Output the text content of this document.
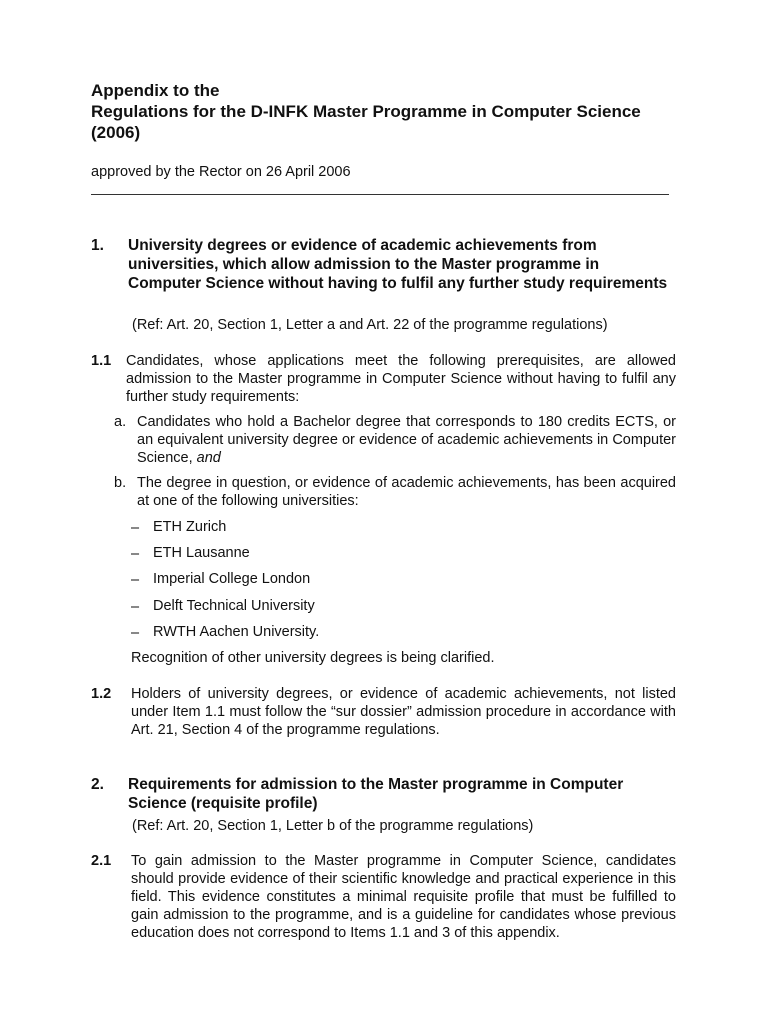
Appendix to the
Regulations for the D-INFK Master Programme in Computer Science
(2006)
approved by the Rector on 26 April 2006
1. University degrees or evidence of academic achievements from universities, which allow admission to the Master programme in Computer Science without having to fulfil any further study requirements
(Ref: Art. 20, Section 1, Letter a and Art. 22 of the programme regulations)
1.1 Candidates, whose applications meet the following prerequisites, are allowed admission to the Master programme in Computer Science without having to fulfil any further study requirements:
a. Candidates who hold a Bachelor degree that corresponds to 180 credits ECTS, or an equivalent university degree or evidence of academic achievements in Computer Science, and
b. The degree in question, or evidence of academic achievements, has been acquired at one of the following universities:
– ETH Zurich
– ETH Lausanne
– Imperial College London
– Delft Technical University
– RWTH Aachen University.
Recognition of other university degrees is being clarified.
1.2 Holders of university degrees, or evidence of academic achievements, not listed under Item 1.1 must follow the “sur dossier” admission procedure in accordance with Art. 21, Section 4 of the programme regulations.
2. Requirements for admission to the Master programme in Computer Science (requisite profile)
(Ref: Art. 20, Section 1, Letter b of the programme regulations)
2.1 To gain admission to the Master programme in Computer Science, candidates should provide evidence of their scientific knowledge and practical experience in this field. This evidence constitutes a minimal requisite profile that must be fulfilled to gain admission to the programme, and is a guideline for candidates whose previous education does not correspond to Items 1.1 and 3 of this appendix.
